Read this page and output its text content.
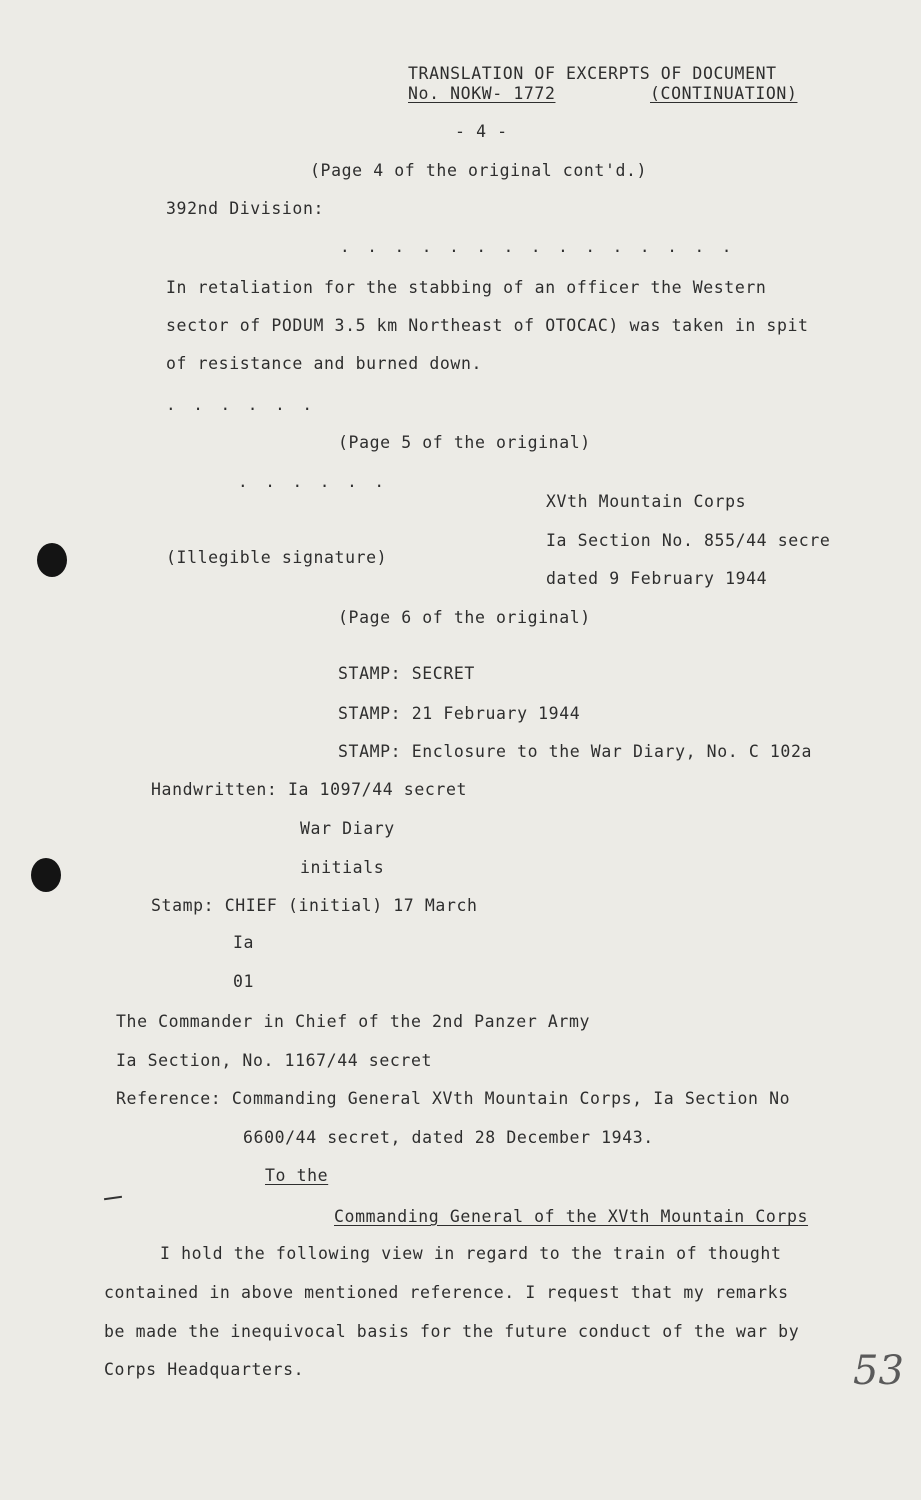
TRANSLATION OF EXCERPTS OF DOCUMENT
No. NOKW- 1772	(CONTINUATION)
- 4 -
(Page 4 of the original cont'd.)
392nd Division:
. . . . . . . . . . . . . . .
In retaliation for the stabbing of an officer the Western
sector of PODUM 3.5 km Northeast of OTOCAC) was taken in spit
of resistance and burned down.
. . . . . .
(Page 5 of the original)
. . . . . .
XVth Mountain Corps
Ia Section No. 855/44 secre
(Illegible signature)
dated 9 February 1944
(Page 6 of the original)
STAMP: SECRET
STAMP: 21 February 1944
STAMP: Enclosure to the War Diary, No. C 102a
Handwritten: Ia 1097/44 secret
War Diary
initials
Stamp: CHIEF (initial) 17 March
Ia
01
The Commander in Chief of the 2nd Panzer Army
Ia Section, No. 1167/44 secret
Reference: Commanding General XVth Mountain Corps, Ia Section No
6600/44 secret, dated 28 December 1943.
To the
Commanding General of the XVth Mountain Corps
I hold the following view in regard to the train of thought
contained in above mentioned reference. I request that my remarks
be made the inequivocal basis for the future conduct of the war by
Corps Headquarters.	53
